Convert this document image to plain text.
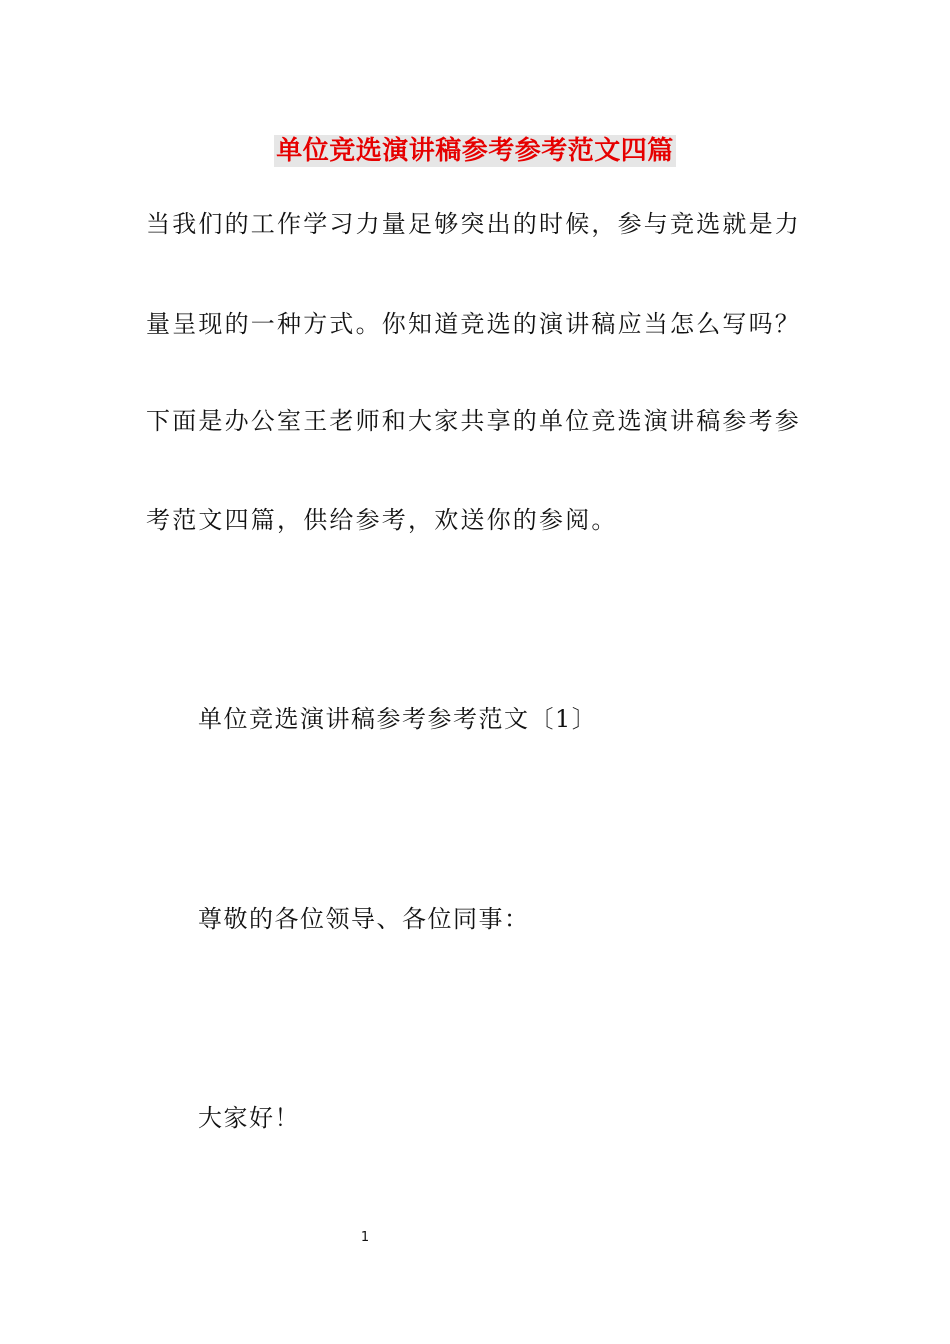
单位竞选演讲稿参考参考范文四篇
当我们的工作学习力量足够突出的时候，参与竞选就是力
量呈现的一种方式。你知道竞选的演讲稿应当怎么写吗？
下面是办公室王老师和大家共享的单位竞选演讲稿参考参
考范文四篇，供给参考，欢送你的参阅。
单位竞选演讲稿参考参考范文〔1〕
尊敬的各位领导、各位同事：
大家好！
1
